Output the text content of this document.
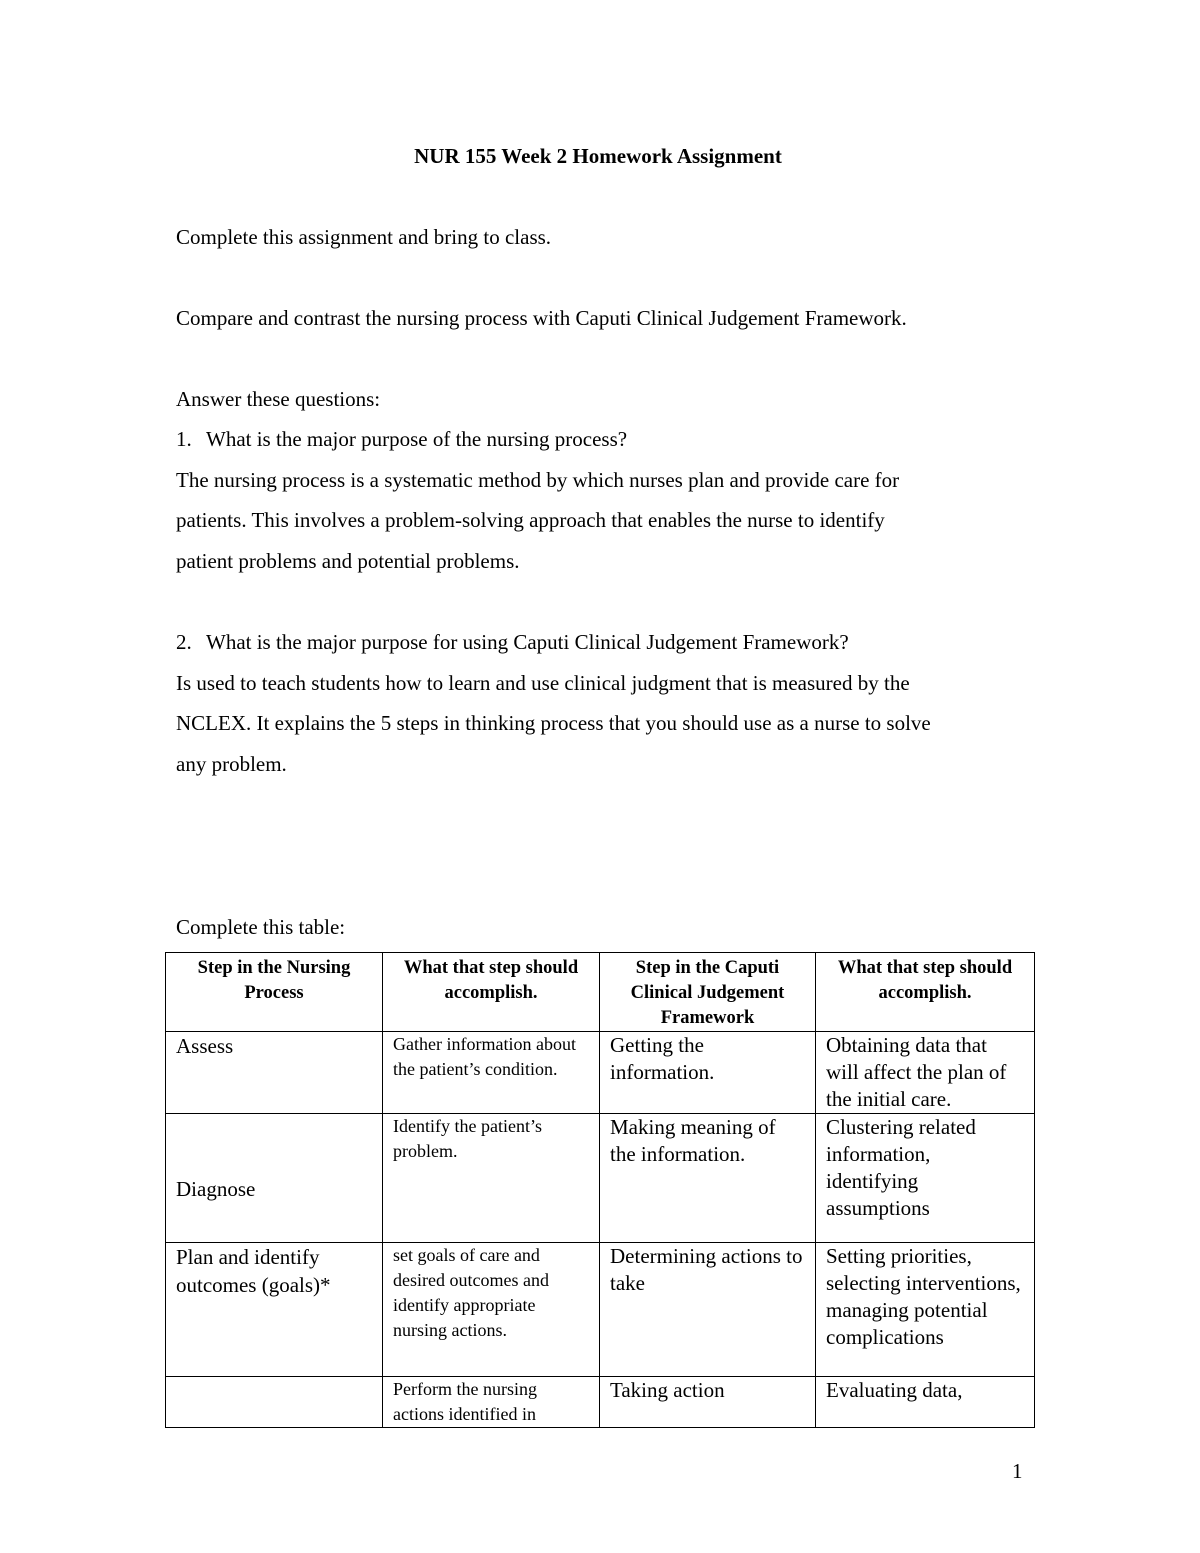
NUR 155 Week 2 Homework Assignment

Complete this assignment and bring to class.

Compare and contrast the nursing process with Caputi Clinical Judgement Framework.

Answer these questions:

1. What is the major purpose of the nursing process?

The nursing process is a systematic method by which nurses plan and provide care for

patients. This involves a problem-solving approach that enables the nurse to identify

patient problems and potential problems.

2. What is the major purpose for using Caputi Clinical Judgement Framework?

Is used to teach students how to learn and use clinical judgment that is measured by the

NCLEX. It explains the 5 steps in thinking process that you should use as a nurse to solve

any problem.

Complete this table:

Step in the Nursing Process	What that step should accomplish.	Step in the Caputi Clinical Judgement Framework	What that step should accomplish.
Assess	Gather information about the patient’s condition.	Getting the information.	Obtaining data that will affect the plan of the initial care.
Diagnose	Identify the patient’s problem.	Making meaning of the information.	Clustering related information, identifying assumptions
Plan and identify outcomes (goals)*	set goals of care and desired outcomes and identify appropriate nursing actions.	Determining actions to take	Setting priorities, selecting interventions, managing potential complications
	Perform the nursing actions identified in	Taking action	Evaluating data,
1
